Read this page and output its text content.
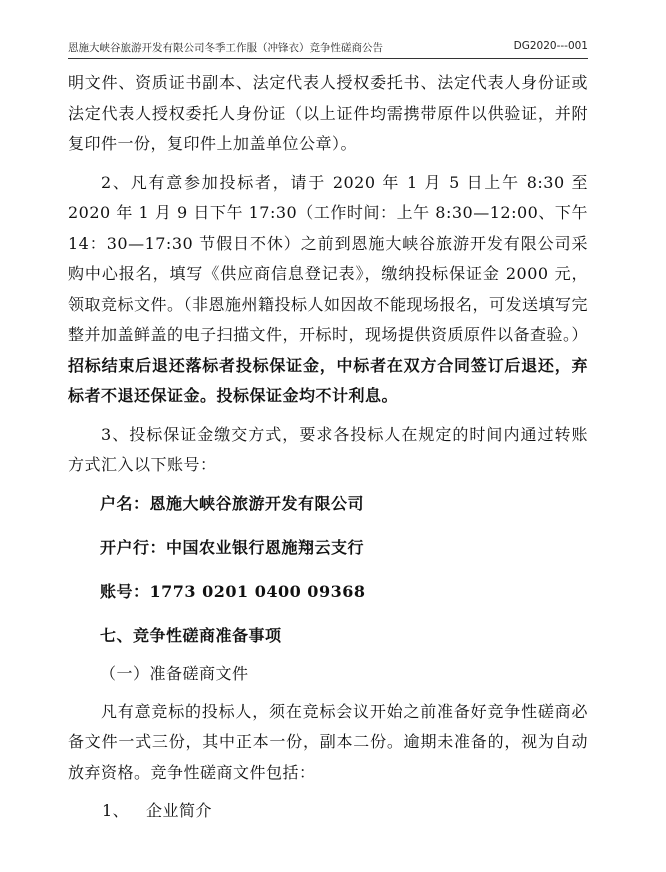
恩施大峡谷旅游开发有限公司冬季工作服（冲锋衣）竞争性磋商公告	DG2020---001

明文件、资质证书副本、法定代表人授权委托书、法定代表人身份证或法定代表人授权委托人身份证（以上证件均需携带原件以供验证，并附复印件一份，复印件上加盖单位公章）。

2、凡有意参加投标者，请于 2020 年 1 月 5 日上午 8:30 至 2020 年 1 月 9 日下午 17:30（工作时间：上午 8:30—12:00、下午 14：30—17:30 节假日不休）之前到恩施大峡谷旅游开发有限公司采购中心报名，填写《供应商信息登记表》，缴纳投标保证金 2000 元，领取竞标文件。（非恩施州籍投标人如因故不能现场报名，可发送填写完整并加盖鲜盖的电子扫描文件，开标时，现场提供资质原件以备查验。）招标结束后退还落标者投标保证金，中标者在双方合同签订后退还，弃标者不退还保证金。投标保证金均不计利息。

3、投标保证金缴交方式，要求各投标人在规定的时间内通过转账方式汇入以下账号：

户名：恩施大峡谷旅游开发有限公司
开户行：中国农业银行恩施翔云支行
账号：1773 0201 0400 09368
七、竞争性磋商准备事项
（一）准备磋商文件

凡有意竞标的投标人，须在竞标会议开始之前准备好竞争性磋商必备文件一式三份，其中正本一份，副本二份。逾期未准备的，视为自动放弃资格。竞争性磋商文件包括：

1、 企业简介
